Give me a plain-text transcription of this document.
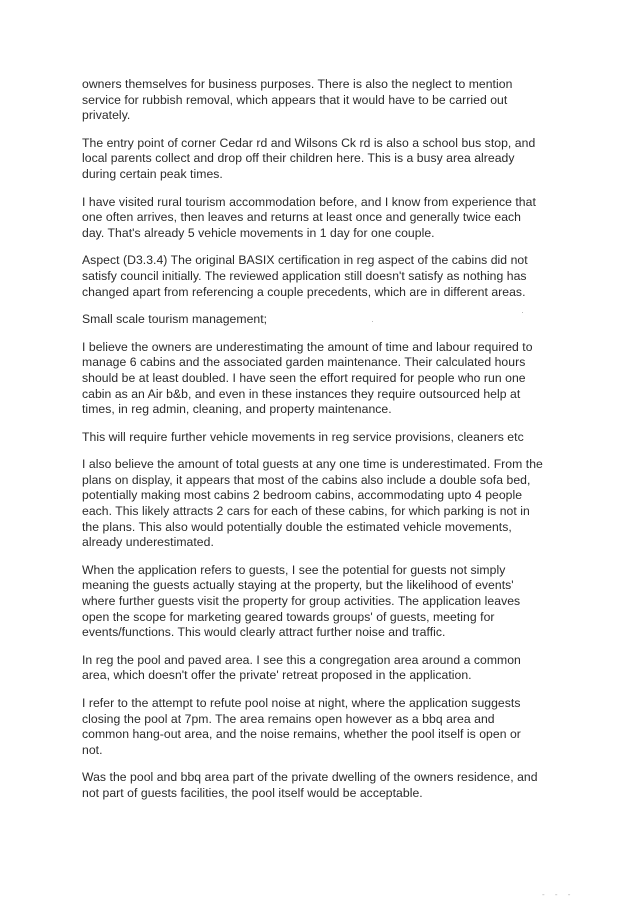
owners themselves for business purposes. There is also the neglect to mention
service for rubbish removal, which appears that it would have to be carried out
privately.

The entry point of corner Cedar rd and Wilsons Ck rd is also a school bus stop, and
local parents collect and drop off their children here. This is a busy area already
during certain peak times.

I have visited rural tourism accommodation before, and I know from experience that
one often arrives, then leaves and returns at least once and generally twice each
day. That's already 5 vehicle movements in 1 day for one couple.

Aspect (D3.3.4) The original BASIX certification in reg aspect of the cabins did not
satisfy council initially. The reviewed application still doesn't satisfy as nothing has
changed apart from referencing a couple precedents, which are in different areas.

Small scale tourism management;

I believe the owners are underestimating the amount of time and labour required to
manage 6 cabins and the associated garden maintenance. Their calculated hours
should be at least doubled. I have seen the effort required for people who run one
cabin as an Air b&b, and even in these instances they require outsourced help at
times, in reg admin, cleaning, and property maintenance.

This will require further vehicle movements in reg service provisions, cleaners etc

I also believe the amount of total guests at any one time is underestimated. From the
plans on display, it appears that most of the cabins also include a double sofa bed,
potentially making most cabins 2 bedroom cabins, accommodating upto 4 people
each. This likely attracts 2 cars for each of these cabins, for which parking is not in
the plans. This also would potentially double the estimated vehicle movements,
already underestimated.

When the application refers to guests, I see the potential for guests not simply
meaning the guests actually staying at the property, but the likelihood of events'
where further guests visit the property for group activities. The application leaves
open the scope for marketing geared towards groups' of guests, meeting for
events/functions. This would clearly attract further noise and traffic.

In reg the pool and paved area. I see this a congregation area around a common
area, which doesn't offer the private' retreat proposed in the application.

I refer to the attempt to refute pool noise at night, where the application suggests
closing the pool at 7pm. The area remains open however as a bbq area and
common hang-out area, and the noise remains, whether the pool itself is open or
not.

Was the pool and bbq area part of the private dwelling of the owners residence, and
not part of guests facilities, the pool itself would be acceptable.

- - -
